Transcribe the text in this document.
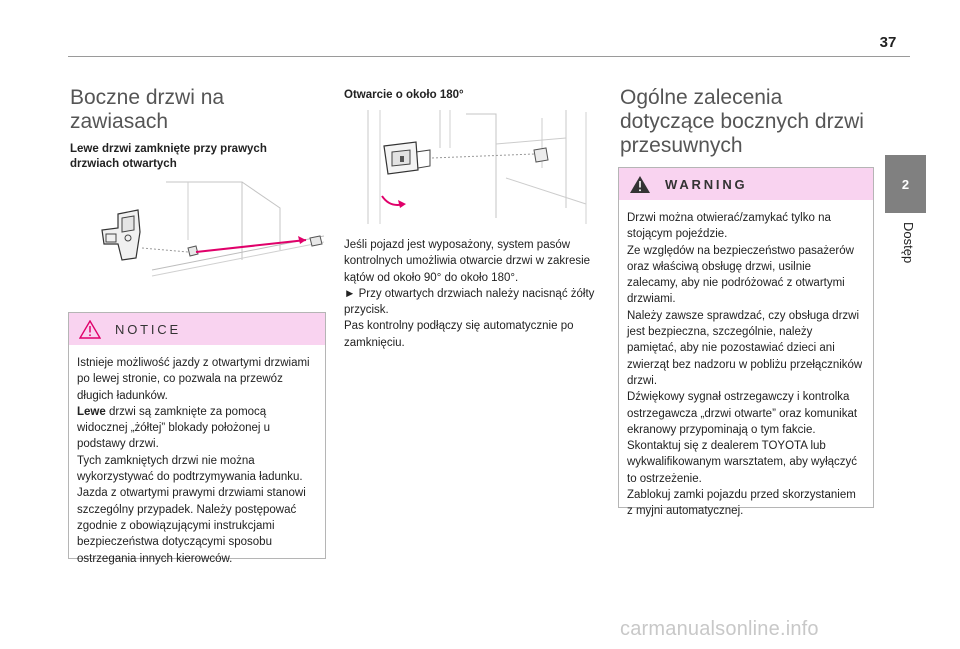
37
2
Dostęp
Boczne drzwi na zawiasach
Lewe drzwi zamknięte przy prawych drzwiach otwartych
NOTICE

Istnieje możliwość jazdy z otwartymi drzwiami po lewej stronie, co pozwala na przewóz długich ładunków.

Lewe drzwi są zamknięte za pomocą widocznej „żółtej” blokady położonej u podstawy drzwi.

Tych zamkniętych drzwi nie można wykorzystywać do podtrzymywania ładunku.

Jazda z otwartymi prawymi drzwiami stanowi szczególny przypadek. Należy postępować zgodnie z obowiązującymi instrukcjami bezpieczeństwa dotyczącymi sposobu ostrzegania innych kierowców.

Otwarcie o około 180°

Jeśli pojazd jest wyposażony, system pasów kontrolnych umożliwia otwarcie drzwi w zakresie kątów od około 90° do około 180°.

► Przy otwartych drzwiach należy nacisnąć żółty przycisk.

Pas kontrolny podłączy się automatycznie po zamknięciu.

Ogólne zalecenia dotyczące bocznych drzwi przesuwnych
WARNING

Drzwi można otwierać/zamykać tylko na stojącym pojeździe.

Ze względów na bezpieczeństwo pasażerów oraz właściwą obsługę drzwi, usilnie zalecamy, aby nie podróżować z otwartymi drzwiami.

Należy zawsze sprawdzać, czy obsługa drzwi jest bezpieczna, szczególnie, należy pamiętać, aby nie pozostawiać dzieci ani zwierząt bez nadzoru w pobliżu przełączników drzwi.

Dźwiękowy sygnał ostrzegawczy i kontrolka ostrzegawcza „drzwi otwarte” oraz komunikat ekranowy przypominają o tym fakcie.

Skontaktuj się z dealerem TOYOTA lub wykwalifikowanym warsztatem, aby wyłączyć to ostrzeżenie.

Zablokuj zamki pojazdu przed skorzystaniem z myjni automatycznej.

carmanualsonline.info
